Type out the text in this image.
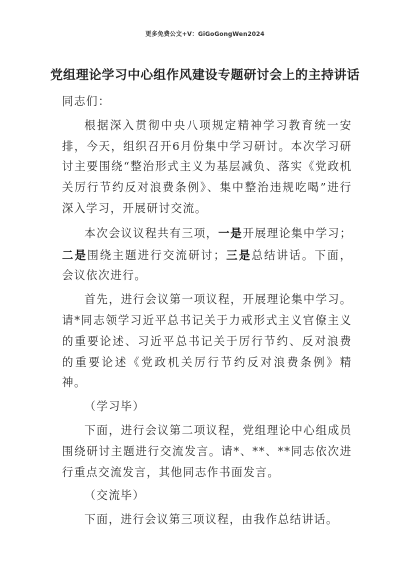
更多免费公文+V：GiGoGongWen2024
党组理论学习中心组作风建设专题研讨会上的主持讲话

同志们：

根据深入贯彻中央八项规定精神学习教育统一安排，今天，组织召开6月份集中学习研讨。本次学习研讨主要围绕“整治形式主义为基层减负、落实《党政机关厉行节约反对浪费条例》、集中整治违规吃喝”进行深入学习，开展研讨交流。

本次会议议程共有三项，一是开展理论集中学习；二是围绕主题进行交流研讨；三是总结讲话。下面，会议依次进行。

首先，进行会议第一项议程，开展理论集中学习。请*同志领学习近平总书记关于力戒形式主义官僚主义的重要论述、习近平总书记关于厉行节约、反对浪费的重要论述《党政机关厉行节约反对浪费条例》精神。

（学习毕）

下面，进行会议第二项议程，党组理论中心组成员围绕研讨主题进行交流发言。请*、**、**同志依次进行重点交流发言，其他同志作书面发言。

（交流毕）

下面，进行会议第三项议程，由我作总结讲话。
